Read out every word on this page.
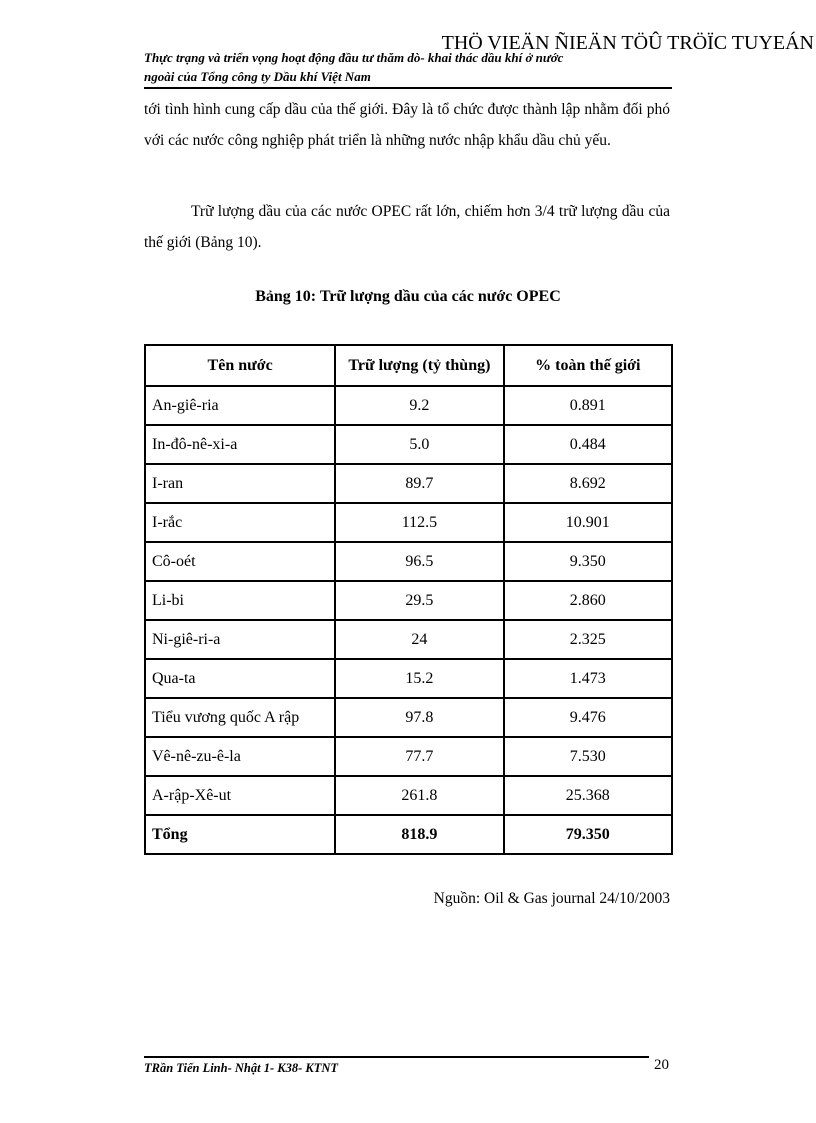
THÖ VIEÄN ÑIEÄN TÖÛ TRÖÏC TUYEÁN
Thực trạng và triển vọng hoạt động đầu tư thăm dò- khai thác dầu khí ở nước
ngoài của Tổng công ty Dầu khí Việt Nam

tới tình hình cung cấp dầu của thế giới. Đây là tổ chức được thành lập nhằm đối phó với các nước công nghiệp phát triển là những nước nhập khẩu dầu chủ yếu.

Trữ lượng dầu của các nước OPEC rất lớn, chiếm hơn 3/4 trữ lượng dầu của thế giới (Bảng 10).

Bảng 10: Trữ lượng dầu của các nước OPEC
Tên nước	Trữ lượng (tỷ thùng)	% toàn thế giới
An-giê-ria	9.2	0.891
In-đô-nê-xi-a	5.0	0.484
I-ran	89.7	8.692
I-rắc	112.5	10.901
Cô-oét	96.5	9.350
Li-bi	29.5	2.860
Ni-giê-ri-a	24	2.325
Qua-ta	15.2	1.473
Tiểu vương quốc A rập	97.8	9.476
Vê-nê-zu-ê-la	77.7	7.530
A-rập-Xê-ut	261.8	25.368
Tổng	818.9	79.350
Nguồn: Oil & Gas journal 24/10/2003
TRần Tiến Linh- Nhật 1- K38- KTNT	20
